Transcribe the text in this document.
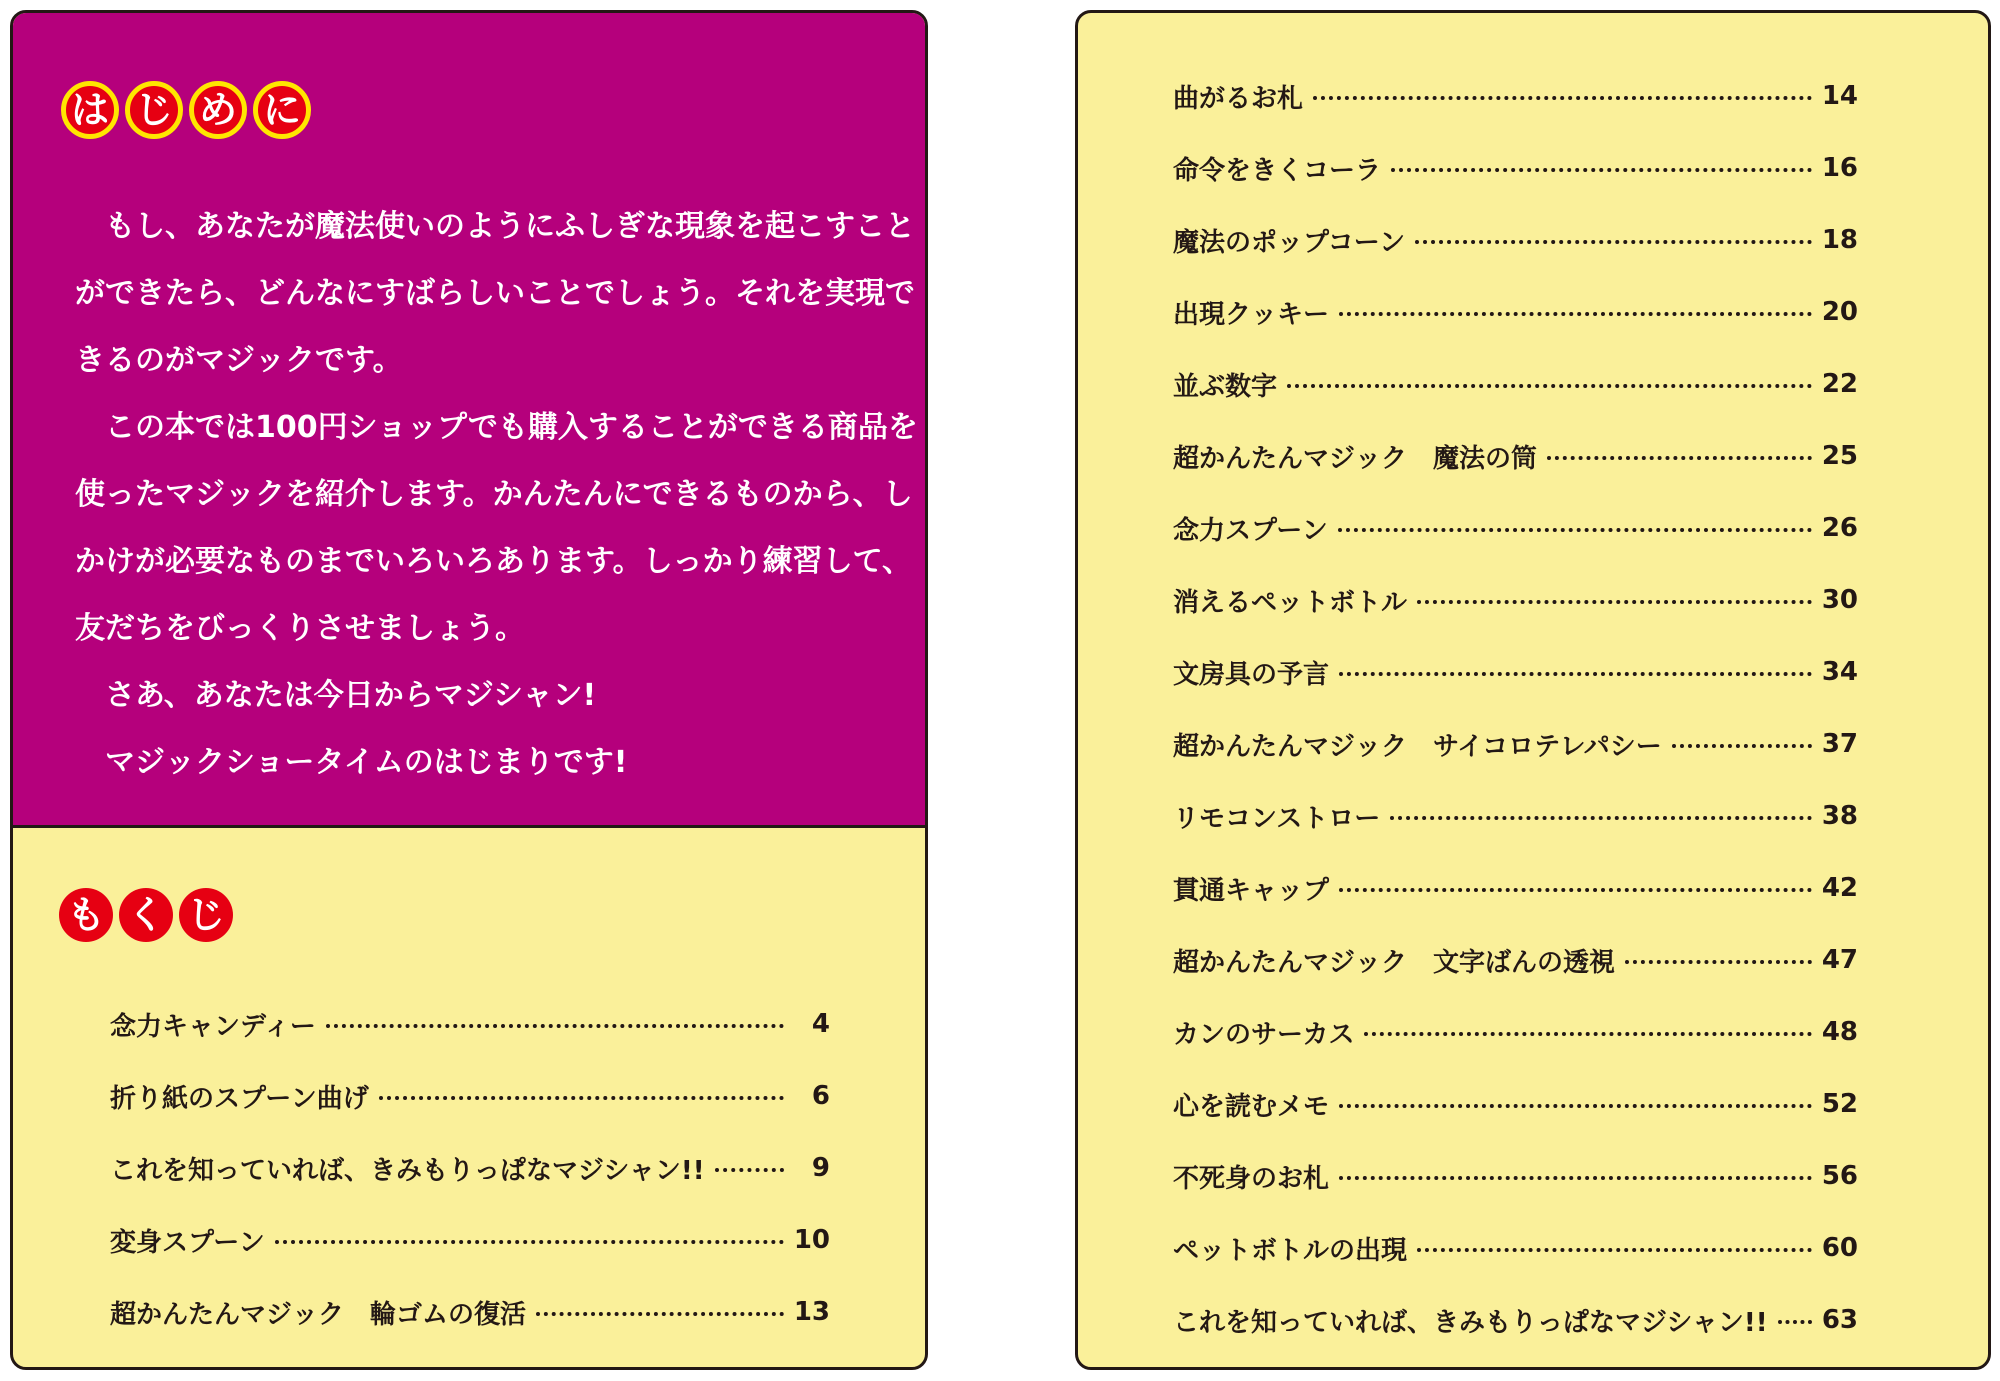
は じ め に

もし、あなたが魔法使いのようにふしぎな現象を起こすこと

ができたら、どんなにすばらしいことでしょう。それを実現で

きるのがマジックです。

この本では100円ショップでも購入することができる商品を

使ったマジックを紹介します。かんたんにできるものから、し

かけが必要なものまでいろいろあります。しっかり練習して、

友だちをびっくりさせましょう。

さあ、あなたは今日からマジシャン!

マジックショータイムのはじまりです!

も く じ
念力キャンディー	4
折り紙のスプーン曲げ	6
これを知っていれば、きみもりっぱなマジシャン!!	9
変身スプーン	10
超かんたんマジック　輪ゴムの復活	13
曲がるお札	14
命令をきくコーラ	16
魔法のポップコーン	18
出現クッキー	20
並ぶ数字	22
超かんたんマジック　魔法の筒	25
念力スプーン	26
消えるペットボトル	30
文房具の予言	34
超かんたんマジック　サイコロテレパシー	37
リモコンストロー	38
貫通キャップ	42
超かんたんマジック　文字ばんの透視	47
カンのサーカス	48
心を読むメモ	52
不死身のお札	56
ペットボトルの出現	60
これを知っていれば、きみもりっぱなマジシャン!! 63
